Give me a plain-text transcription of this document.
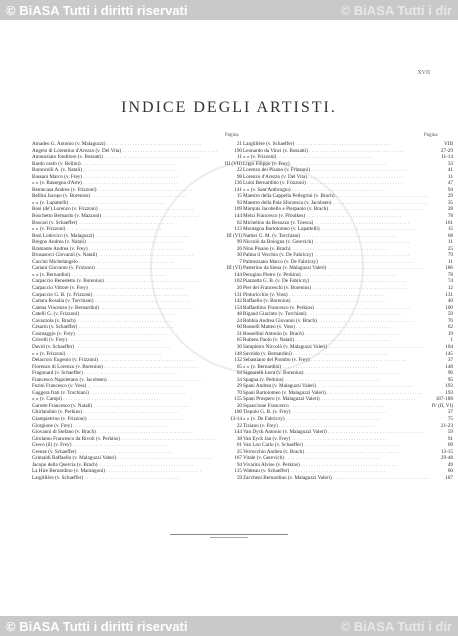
© BiASA Tutti i diritti riservati	© BiASA Tutti i dir
XVII
INDICE DEGLI ARTISTI.
Pagina	Pagina
Amadeo G. Antonio (v. Malaguzzi) . . .	21
Angelo di Lorentino d'Arezzo (v. Del Vita) . . .	190
Annunziato fonditore (v. Bossatti) . . .	11
Bardo orafo (v. Bellini) . . .	III (VII)
Baroncelli A. (v. Natali) . . .	22
Bassani Marco (v. Frey) . . .	98
» » (v. Rassegna d'Arte) . . .	136
Benincasa Andrea (v. Frizzoni) . . .	141
Bellini Jacopo (v. Borenius) . . .	15
» » (v. Lupattelli) . . .	93
Bosi (de') Lorenzo (v. Frizzoni) . . .	109
Boschetto Bernardo (v. Mazzoni) . . .	144
Boscari (v. Schaeffer) . . .	62
» » (v. Frizzoni) . . .	113
Bosi Lodovico (v. Malaguzzi) . . .	III (VI)
Bregno Andrea (v. Natali) . . .	99
Bramante Andrea (v. Frey) . . .	26
Brusasorci Giovanni (v. Natali) . . .	30
Caccini Michelangelo . . .	7
Cariani Giovanni (v. Frizzoni) . . .	III (VI)
» » (v. Bernardini) . . .	144
Carpaccio Benedetto (v. Borenius) . . .	102
Carpaccio Vittore (v. Frey) . . .	26
Carpaccio G. B. (v. Frizzoni) . . .	131
Cartara Rosalia (v. Torchiani) . . .	142
Catena Vincenzo (v. Bernardini) . . .	154
Catelli G. (v. Frizzoni) . . .	48
Cavazzola (v. Brach) . . .	24
Cesarin (v. Schaeffer) . . .	60
Cosmaggio (v. Frey) . . .	31
Crivelli (v. Frey) . . .	65
David (v. Schaeffer) . . .	30
» » (v. Frizzoni) . . .	148
Delacroix Eugenio (v. Frizzoni) . . .	132
Fiorenzo di Lorenzo (v. Borenius) . . .	65
Fragonard (v. Schaeffer) . . .	64
Francesco Napoletano (v. Jacobsen) . . .	34
Furini Francesco (v. Voss) . . .	29
Gaggera frati (v. Torchiani) . . .	70
» » (v. Campi) . . .	155
Garotte Francesco (v. Natali) . . .	20
Ghirlandaio (v. Perkins) . . .	100
Giampietrino (v. Frizzoni) . . .	13-14
Giorgione (v. Frey) . . .	22
Giovanni di Stefano (v. Brach) . . .	144
Girolamo Francesco da Rivoli (v. Perkins) . . .	38
Greco (il) (v. Frey) . . .	61
Greuze (v. Schaeffer) . . .	25
Grimaldi Raffaello (v. Malaguzzi Valeri) . . .	167
Jacopo della Quercia (v. Brach) . . .	94
La Hire Bernardino (v. Marangoni) . . .	115
Largillière (v. Schaeffer) . . .	59
Largillière (v. Schaeffer) . . .	VIII
Leonardo da Vinci (v. Bossatti) . . .	27-29
» » (v. Frizzoni) . . .	11-14
Lippi Filippo (v. Frey) . . .	33
Lorenzo dei Pisano (v. Frizzoni) . . .	41
Lorenzo d'Arezzo (v. Del Vita) . . .	11
Luini Bernardino (v. Frizzoni) . . .	47
» » (v. Sant'Ambrogio) . . .	94
Maestro della Cappella Pellegrini (v. Brach) . . .	29
Maestro della Pala Sforzesca (v. Jacobsen) . . .	35
Marquis Jacobello e Pierpaolo (v. Brach) . . .	28
Melzi Francesco (v. Ffoulkes) . . .	78
Michelino da Besozzo (v. Toesca) . . .	161
Montagna Bartolomeo (v. Lupattelli) . . .	15
Nattier G. M. (v. Torchiani) . . .	68
Niccolò da Bologna (v. Gerevich) . . .	11
Nino Pisano (v. Brach) . . .	25
Palma il Vecchio (v. De Fabriczy) . . .	79
Palmezzano Marco (v. De Fabriczy) . . .	11
Pasterino da Siena (v. Malaguzzi Valeri) . . .	186
Perugino Pietro (v. Perkins) . . .	78
Piazzetta G. B. (v. De Fabriczy) . . .	74
Pier dei Franceschi (v. Borenius) . . .	12
Pinturicchio (v. Voss) . . .	131
Raffaello (v. Borenius) . . .	40
Raffaellino Francesco (v. Perkins) . . .	100
Rigaud Giacinto (v. Torchiani) . . .	59
Robbia Andrea Giovanni (v. Brach) . . .	76
Rosselli Matteo (v. Voss) . . .	62
Rossellini Antonio (v. Brach) . . .	19
Rubens Paolo (v. Natali) . . .	1
Sampietro Niccolò (v. Malaguzzi Valeri) . . .	104
Savoldo (v. Bernardini) . . .	145
Sebastiano del Piombo (v. Frey) . . .	37
» » (v. Bernardini) . . .	148
Signorelli Luca (v. Borenius) . . .	96
Spagna (v. Perkins) . . .	95
Spani Andrea (v. Malaguzzi Valeri) . . .	193
Spani Bartolomeo (v. Malaguzzi Valeri) . . .	193
Spani Prospero (v. Malaguzzi Valeri) . . .	187-188
Squarcione Francesco . . .	IV (II, VI)
Tiepolo G. B. (v. Frey) . . .	37
» » (v. De Fabriczy) . . .	75
Tiziano (v. Frey) . . .	21-23
Van Dyck Antonio (v. Malaguzzi Valeri) . . .	59
Van Eyck Jan (v. Frey) . . .	91
Van Loo Carlo (v. Schaeffer) . . .	69
Verrocchio Andrea (v. Brach) . . .	13-15
Vitale (v. Gerevich) . . .	29-48
Vivarini Alvise (v. Perkins) . . .	49
Watteau (v. Schaeffer) . . .	60
Zaccheni Bernardino (v. Malaguzzi Valeri) . . .	187
© BiASA Tutti i diritti riservati	© BiASA Tutti i dir
